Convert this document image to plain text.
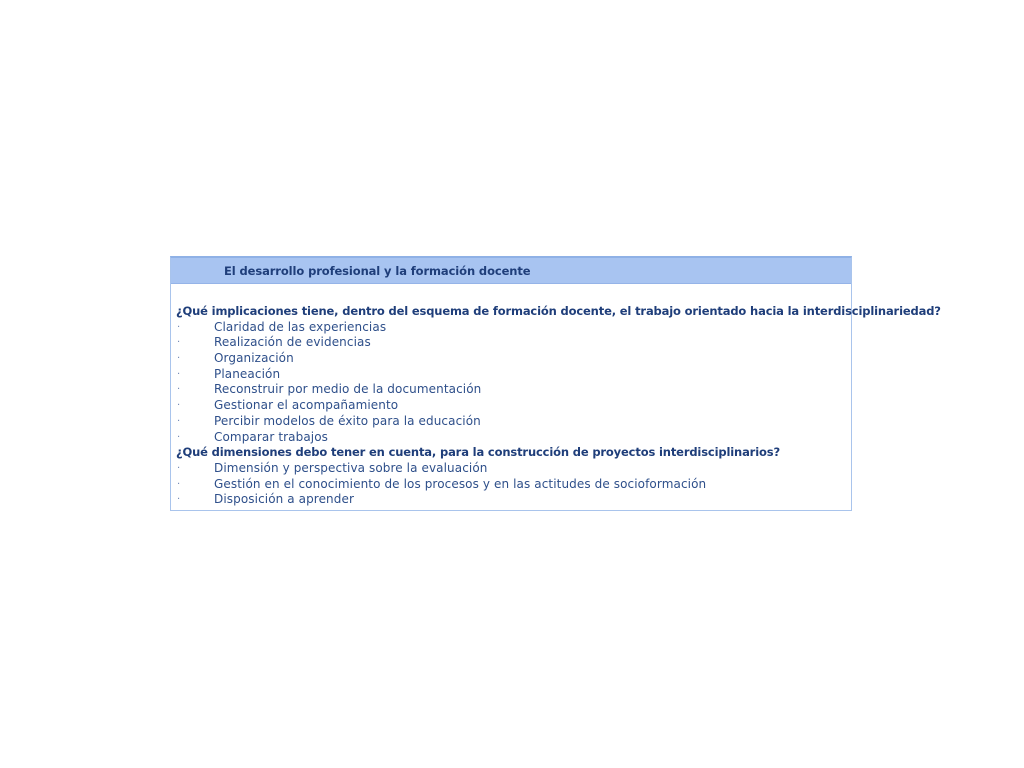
El desarrollo profesional y la formación docente
¿Qué implicaciones tiene, dentro del esquema de formación docente, el trabajo orientado hacia la interdisciplinariedad?
·	Claridad de las experiencias
·	Realización de evidencias
·	Organización
·	Planeación
·	Reconstruir por medio de la documentación
·	Gestionar el acompañamiento
·	Percibir modelos de éxito para la educación
·	Comparar trabajos
¿Qué dimensiones debo tener en cuenta, para la construcción de proyectos interdisciplinarios?
·	Dimensión y perspectiva sobre la evaluación
·	Gestión en el conocimiento de los procesos y en las actitudes de socioformación
·	Disposición a aprender
